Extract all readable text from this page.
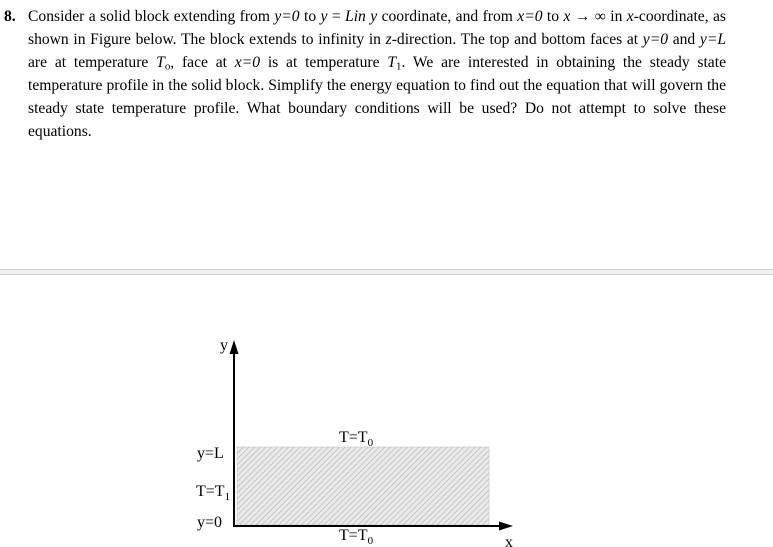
8. Consider a solid block extending from y=0 to y = Lin y coordinate, and from x=0 to x → ∞ in x-coordinate, as shown in Figure below. The block extends to infinity in z-direction. The top and bottom faces at y=0 and y=L are at temperature $T_o$, face at x=0 is at temperature $T_1$. We are interested in obtaining the steady state temperature profile in the solid block. Simplify the energy equation to find out the equation that will govern the steady state temperature profile. What boundary conditions will be used? Do not attempt to solve these equations.
y
x
y=L
$T=T_1$
y=0
$T=T_0$
$T=T_0$
